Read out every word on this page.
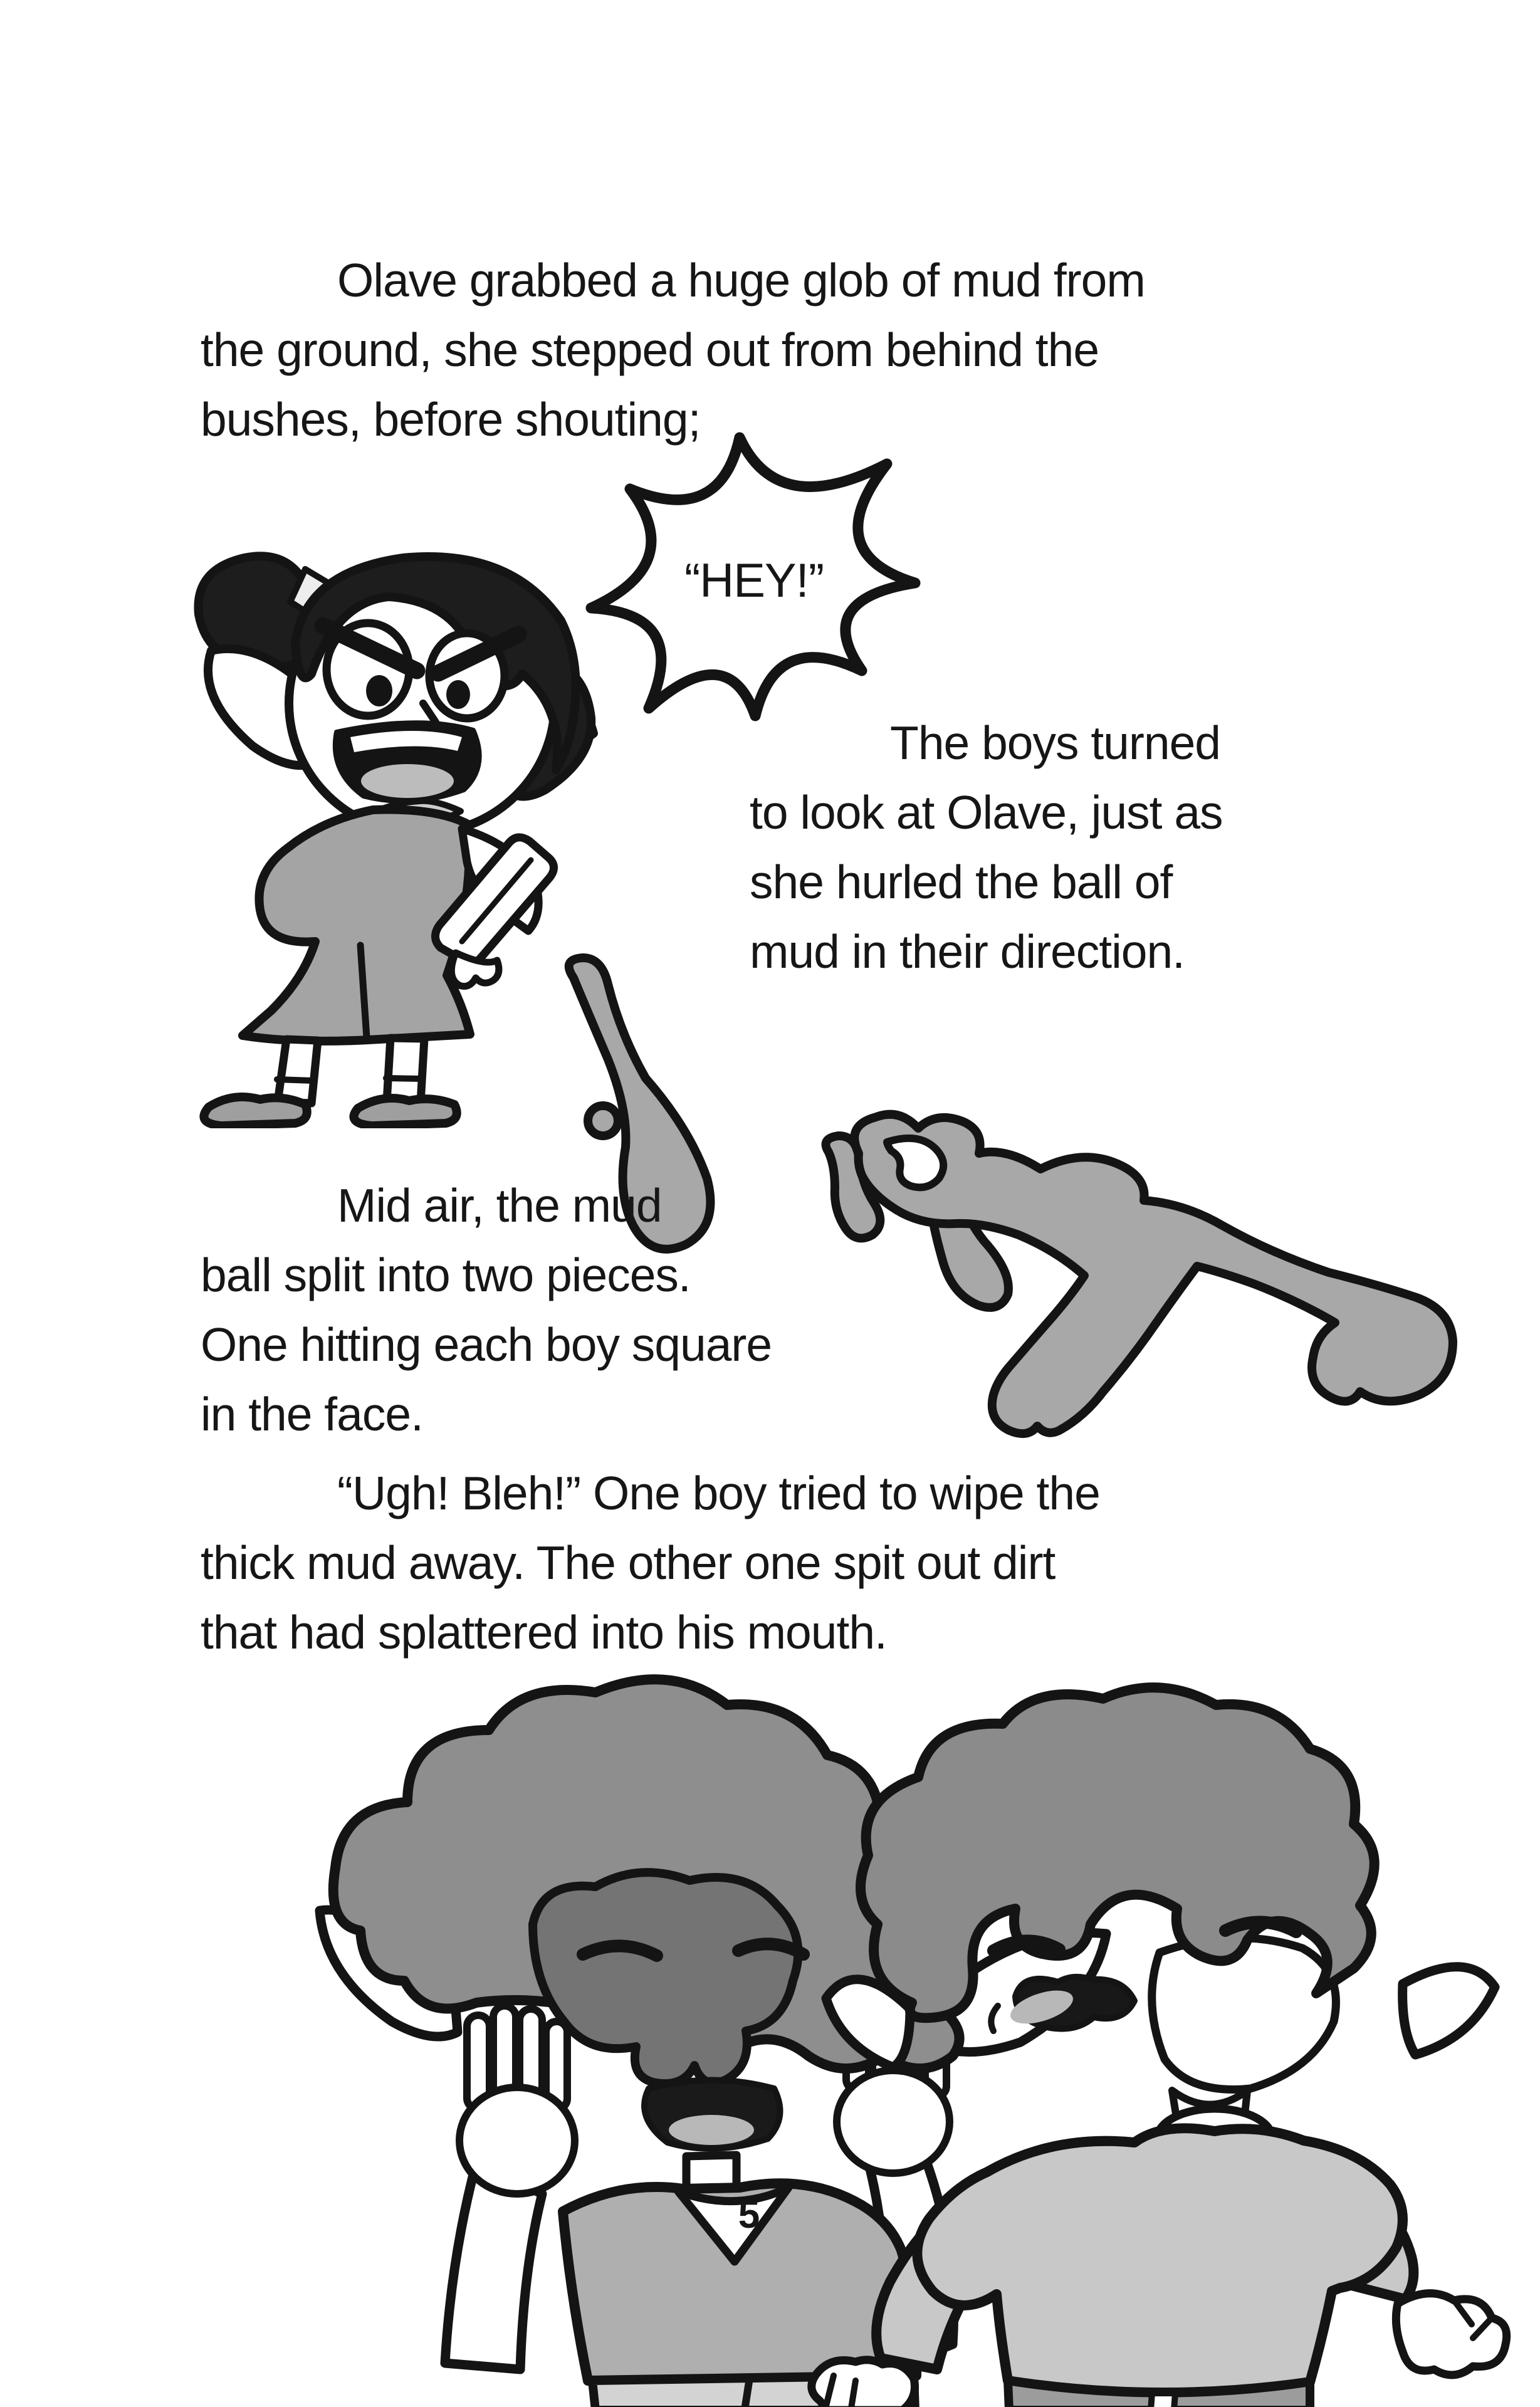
Olave grabbed a huge glob of mud from
the ground, she stepped out from behind the
bushes, before shouting;
“HEY!”
The boys turned
to look at Olave, just as
she hurled the ball of
mud in their direction.
Mid air, the mud
ball split into two pieces.
One hitting each boy square
in the face.
“Ugh! Bleh!” One boy tried to wipe the
thick mud away. The other one spit out dirt
that had splattered into his mouth.
5
